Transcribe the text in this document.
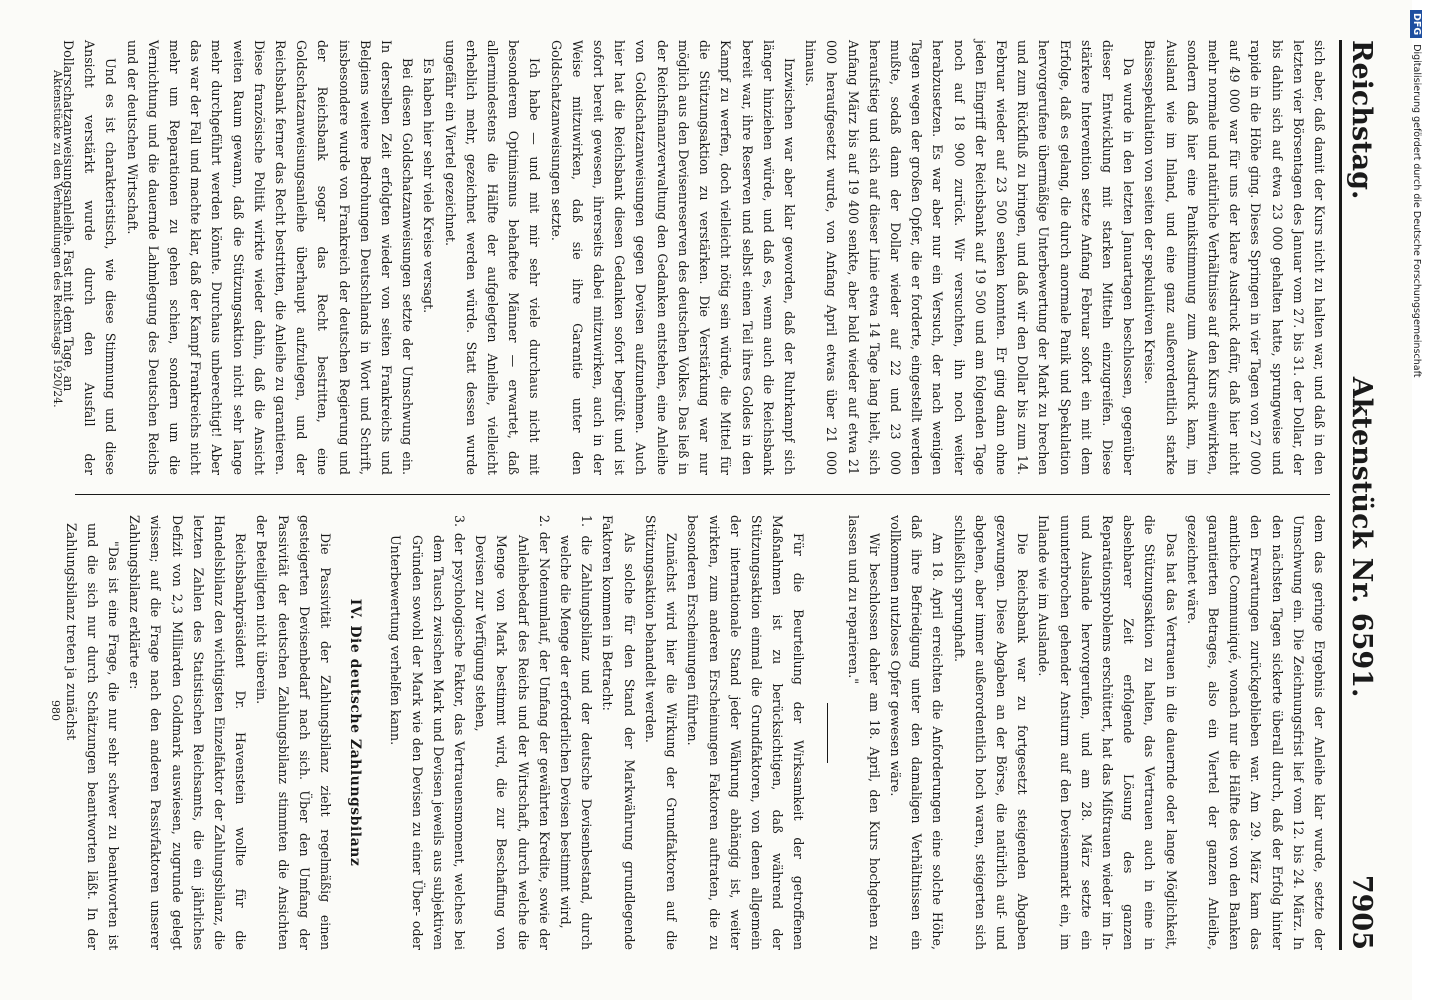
Reichstag.
Aktenstück Nr. 6591.
7905

sich aber, daß damit der Kurs nicht zu halten war, und daß in den letzten vier Börsentagen des Januar vom 27. bis 31. der Dollar, der bis dahin sich auf etwa 23 000 gehalten hatte, sprungweise und rapide in die Höhe ging. Dieses Springen in vier Tagen von 27 000 auf 49 000 war für uns der klare Ausdruck dafür, daß hier nicht mehr normale und natürliche Verhältnisse auf den Kurs einwirkten, sondern daß hier eine Panikstimmung zum Ausdruck kam, im Ausland wie im Inland, und eine ganz außerordentlich starke Baissespekulation von seiten der spekulativen Kreise.

Da wurde in den letzten Januartagen beschlossen, gegenüber dieser Entwicklung mit starken Mitteln einzugreifen. Diese stärkere Intervention setzte Anfang Februar sofort ein mit dem Erfolge, daß es gelang, die durch anormale Panik und Spekulation hervorgerufene übermäßige Unterbewertung der Mark zu brechen und zum Rückfluß zu bringen, und daß wir den Dollar bis zum 14. Februar wieder auf 23 500 senken konnten. Er ging dann ohne jeden Eingriff der Reichsbank auf 19 500 und am folgenden Tage noch auf 18 900 zurück. Wir versuchten, ihn noch weiter herabzusetzen. Es war aber nur ein Versuch, der nach wenigen Tagen wegen der großen Opfer, die er forderte, eingestellt werden mußte, sodaß dann der Dollar wieder auf 22 und 23 000 heraufstieg und sich auf dieser Linie etwa 14 Tage lang hielt, sich Anfang März bis auf 19 400 senkte, aber bald wieder auf etwa 21 000 heraufgesetzt wurde, von Anfang April etwas über 21 000 hinaus.

Inzwischen war aber klar geworden, daß der Ruhrkampf sich länger hinziehen würde, und daß es, wenn auch die Reichsbank bereit war, ihre Reserven und selbst einen Teil ihres Goldes in den Kampf zu werfen, doch vielleicht nötig sein würde, die Mittel für die Stützungsaktion zu verstärken. Die Verstärkung war nur möglich aus den Devisenreserven des deutschen Volkes. Das ließ in der Reichsfinanzverwaltung den Gedanken entstehen, eine Anleihe von Goldschatzanweisungen gegen Devisen aufzunehmen. Auch hier hat die Reichsbank diesen Gedanken sofort begrüßt und ist sofort bereit gewesen, ihrerseits dabei mitzuwirken, auch in der Weise mitzuwirken, daß sie ihre Garantie unter den Goldschatzanweisungen setzte.

Ich habe — und mit mir sehr viele durchaus nicht mit besonderem Optimismus behaftete Männer — erwartet, daß allermindestens die Hälfte der aufgelegten Anleihe, vielleicht erheblich mehr, gezeichnet werden würde. Statt dessen wurde ungefähr ein Viertel gezeichnet.

Es haben hier sehr viele Kreise versagt.

Bei diesen Goldschatzanweisungen setzte der Umschwung ein. In derselben Zeit erfolgten wieder von seiten Frankreichs und Belgiens weitere Bedrohungen Deutschlands in Wort und Schrift, insbesondere wurde von Frankreich der deutschen Regierung und der Reichsbank sogar das Recht bestritten, eine Goldschatzanweisungsanleihe überhaupt aufzulegen, und der Reichsbank ferner das Recht bestritten, die Anleihe zu garantieren. Diese französische Politik wirkte wieder dahin, daß die Ansicht weiten Raum gewann, daß die Stützungsaktion nicht sehr lange mehr durchgeführt werden könnte. Durchaus unberechtigt! Aber das war der Fall und machte klar, daß der Kampf Frankreichs nicht mehr um Reparationen zu gehen schien, sondern um die Vernichtung und die dauernde Lahmlegung des Deutschen Reichs und der deutschen Wirtschaft.

Und es ist charakteristisch, wie diese Stimmung und diese Ansicht verstärkt wurde durch den Ausfall der Dollarschatzanweisungsanleihe. Fast mit dem Tage, an

dem das geringe Ergebnis der Anleihe klar wurde, setzte der Umschwung ein. Die Zeichnungsfrist lief vom 12. bis 24. März. In den nächsten Tagen sickerte überall durch, daß der Erfolg hinter den Erwartungen zurückgeblieben war. Am 29. März kam das amtliche Communiqué, wonach nur die Hälfte des von den Banken garantierten Betrages, also ein Viertel der ganzen Anleihe, gezeichnet wäre.

Das hat das Vertrauen in die dauernde oder lange Möglichkeit, die Stützungsaktion zu halten, das Vertrauen auch in eine in absehbarer Zeit erfolgende Lösung des ganzen Reparationsproblems erschüttert, hat das Mißtrauen wieder im In- und Auslande hervorgerufen, und am 28. März setzte ein ununterbrochen gehender Ansturm auf den Devisenmarkt ein, im Inlande wie im Auslande.

Die Reichsbank war zu fortgesetzt steigenden Abgaben gezwungen. Diese Abgaben an der Börse, die natürlich auf- und abgehen, aber immer außerordentlich hoch waren, steigerten sich schließlich sprunghaft.

Am 18. April erreichten die Anforderungen eine solche Höhe, daß ihre Befriedigung unter den damaligen Verhältnissen ein vollkommen nutzloses Opfer gewesen wäre.

Wir beschlossen daher am 18. April, den Kurs hochgehen zu lassen und zu reparieren."

Für die Beurteilung der Wirksamkeit der getroffenen Maßnahmen ist zu berücksichtigen, daß während der Stützungsaktion einmal die Grundfaktoren, von denen allgemein der internationale Stand jeder Währung abhängig ist, weiter wirkten, zum anderen Erscheinungen Faktoren auftraten, die zu besonderen Erscheinungen führten.

Zunächst wird hier die Wirkung der Grundfaktoren auf die Stützungsaktion behandelt werden.

Als solche für den Stand der Markwährung grundlegende Faktoren kommen in Betracht:

1. die Zahlungsbilanz und der deutsche Devisenbestand, durch welche die Menge der erforderlichen Devisen bestimmt wird,

2. der Notenumlauf, der Umfang der gewährten Kredite, sowie der Anleihebedarf des Reichs und der Wirtschaft, durch welche die Menge von Mark bestimmt wird, die zur Beschaffung von Devisen zur Verfügung stehen,

3. der psychologische Faktor, das Vertrauensmoment, welches bei dem Tausch zwischen Mark und Devisen jeweils aus subjektiven Gründen sowohl der Mark wie den Devisen zu einer Über- oder Unterbewertung verhelfen kann.

IV. Die deutsche Zahlungsbilanz

Die Passivität der Zahlungsbilanz zieht regelmäßig einen gesteigerten Devisenbedarf nach sich. Über den Umfang der Passivität der deutschen Zahlungsbilanz stimmten die Ansichten der Beteiligten nicht überein.

Reichsbankpräsident Dr. Havenstein wollte für die Handelsbilanz den wichtigsten Einzelfaktor der Zahlungsbilanz, die letzten Zahlen des Statistischen Reichsamts, die ein jährliches Defizit von 2,3 Milliarden Goldmark auswiesen, zugrunde gelegt wissen; auf die Frage nach den anderen Passivfaktoren unserer Zahlungsbilanz erklärte er:

"Das ist eine Frage, die nur sehr schwer zu beantworten ist und die sich nur durch Schätzungen beantworten läßt. In der Zahlungsbilanz treten ja zunächst

Aktenstücke zu den Verhandlungen des Reichstags 1920/24.
980
DFGDigitalisierung gefördert durch die Deutsche Forschungsgemeinschaft
